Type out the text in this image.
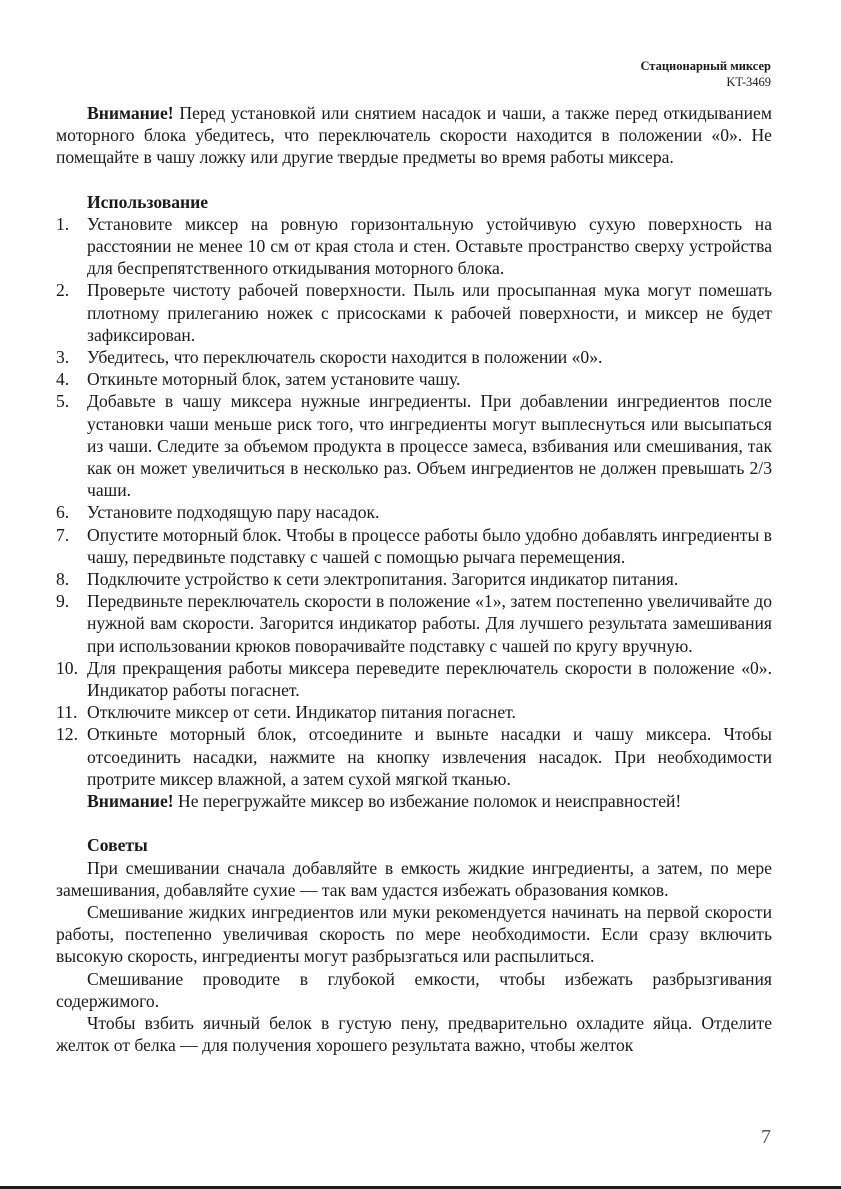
Стационарный миксер
KT-3469

Внимание! Перед установкой или снятием насадок и чаши, а также перед откидыванием моторного блока убедитесь, что переключатель скорости находится в положении «0». Не помещайте в чашу ложку или другие твердые предметы во время работы миксера.

Использование

1.	Установите миксер на ровную горизонтальную устойчивую сухую поверхность на расстоянии не менее 10 см от края стола и стен. Оставьте пространство сверху устройства для беспрепятственного откидывания моторного блока.
2.	Проверьте чистоту рабочей поверхности. Пыль или просыпанная мука могут помешать плотному прилеганию ножек с присосками к рабочей поверхности, и миксер не будет зафиксирован.
3.	Убедитесь, что переключатель скорости находится в положении «0».
4.	Откиньте моторный блок, затем установите чашу.
5.	Добавьте в чашу миксера нужные ингредиенты. При добавлении ингредиентов после установки чаши меньше риск того, что ингредиенты могут выплеснуться или высыпаться из чаши. Следите за объемом продукта в процессе замеса, взбивания или смешивания, так как он может увеличиться в несколько раз. Объем ингредиентов не должен превышать 2/3 чаши.
6.	Установите подходящую пару насадок.
7.	Опустите моторный блок. Чтобы в процессе работы было удобно добавлять ингредиенты в чашу, передвиньте подставку с чашей с помощью рычага перемещения.
8.	Подключите устройство к сети электропитания. Загорится индикатор питания.
9.	Передвиньте переключатель скорости в положение «1», затем постепенно увеличивайте до нужной вам скорости. Загорится индикатор работы. Для лучшего результата замешивания при использовании крюков поворачивайте подставку с чашей по кругу вручную.
10. Для прекращения работы миксера переведите переключатель скорости в положение «0». Индикатор работы погаснет.
11. Отключите миксер от сети. Индикатор питания погаснет.
12. Откиньте моторный блок, отсоедините и выньте насадки и чашу миксера. Чтобы отсоединить насадки, нажмите на кнопку извлечения насадок. При необходимости протрите миксер влажной, а затем сухой мягкой тканью.

Внимание! Не перегружайте миксер во избежание поломок и неисправностей!

Советы

При смешивании сначала добавляйте в емкость жидкие ингредиенты, а затем, по мере замешивания, добавляйте сухие — так вам удастся избежать образования комков.

Смешивание жидких ингредиентов или муки рекомендуется начинать на первой скорости работы, постепенно увеличивая скорость по мере необходимости. Если сразу включить высокую скорость, ингредиенты могут разбрызгаться или распылиться.

Смешивание проводите в глубокой емкости, чтобы избежать разбрызгивания содержимого.

Чтобы взбить яичный белок в густую пену, предварительно охладите яйца. Отделите желток от белка — для получения хорошего результата важно, чтобы желток

7
